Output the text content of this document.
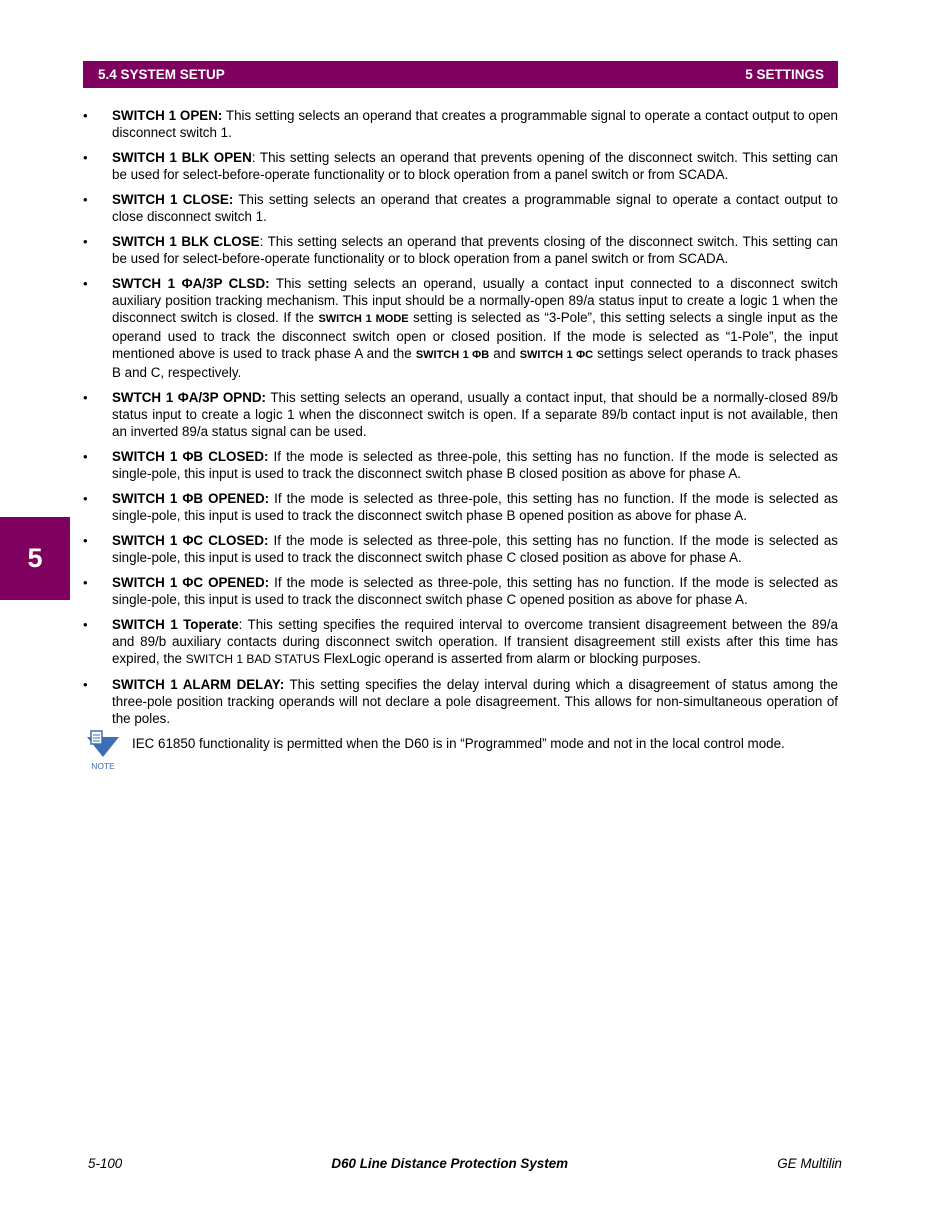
5.4 SYSTEM SETUP	5 SETTINGS
5
• SWITCH 1 OPEN: This setting selects an operand that creates a programmable signal to operate a contact output to open disconnect switch 1.
• SWITCH 1 BLK OPEN: This setting selects an operand that prevents opening of the disconnect switch. This setting can be used for select-before-operate functionality or to block operation from a panel switch or from SCADA.
• SWITCH 1 CLOSE: This setting selects an operand that creates a programmable signal to operate a contact output to close disconnect switch 1.
• SWITCH 1 BLK CLOSE: This setting selects an operand that prevents closing of the disconnect switch. This setting can be used for select-before-operate functionality or to block operation from a panel switch or from SCADA.
• SWTCH 1 ΦA/3P CLSD: This setting selects an operand, usually a contact input connected to a disconnect switch auxiliary position tracking mechanism. This input should be a normally-open 89/a status input to create a logic 1 when the disconnect switch is closed. If the SWITCH 1 MODE setting is selected as “3-Pole”, this setting selects a single input as the operand used to track the disconnect switch open or closed position. If the mode is selected as “1-Pole”, the input mentioned above is used to track phase A and the SWITCH 1 ΦB and SWITCH 1 ΦC settings select operands to track phases B and C, respectively.
• SWTCH 1 ΦA/3P OPND: This setting selects an operand, usually a contact input, that should be a normally-closed 89/b status input to create a logic 1 when the disconnect switch is open. If a separate 89/b contact input is not available, then an inverted 89/a status signal can be used.
• SWITCH 1 ΦB CLOSED: If the mode is selected as three-pole, this setting has no function. If the mode is selected as single-pole, this input is used to track the disconnect switch phase B closed position as above for phase A.
• SWITCH 1 ΦB OPENED: If the mode is selected as three-pole, this setting has no function. If the mode is selected as single-pole, this input is used to track the disconnect switch phase B opened position as above for phase A.
• SWITCH 1 ΦC CLOSED: If the mode is selected as three-pole, this setting has no function. If the mode is selected as single-pole, this input is used to track the disconnect switch phase C closed position as above for phase A.
• SWITCH 1 ΦC OPENED: If the mode is selected as three-pole, this setting has no function. If the mode is selected as single-pole, this input is used to track the disconnect switch phase C opened position as above for phase A.
• SWITCH 1 Toperate: This setting specifies the required interval to overcome transient disagreement between the 89/a and 89/b auxiliary contacts during disconnect switch operation. If transient disagreement still exists after this time has expired, the SWITCH 1 BAD STATUS FlexLogic operand is asserted from alarm or blocking purposes.
• SWITCH 1 ALARM DELAY: This setting specifies the delay interval during which a disagreement of status among the three-pole position tracking operands will not declare a pole disagreement. This allows for non-simultaneous operation of the poles.
NOTE
IEC 61850 functionality is permitted when the D60 is in “Programmed” mode and not in the local control mode.
5-100	D60 Line Distance Protection System	GE Multilin
